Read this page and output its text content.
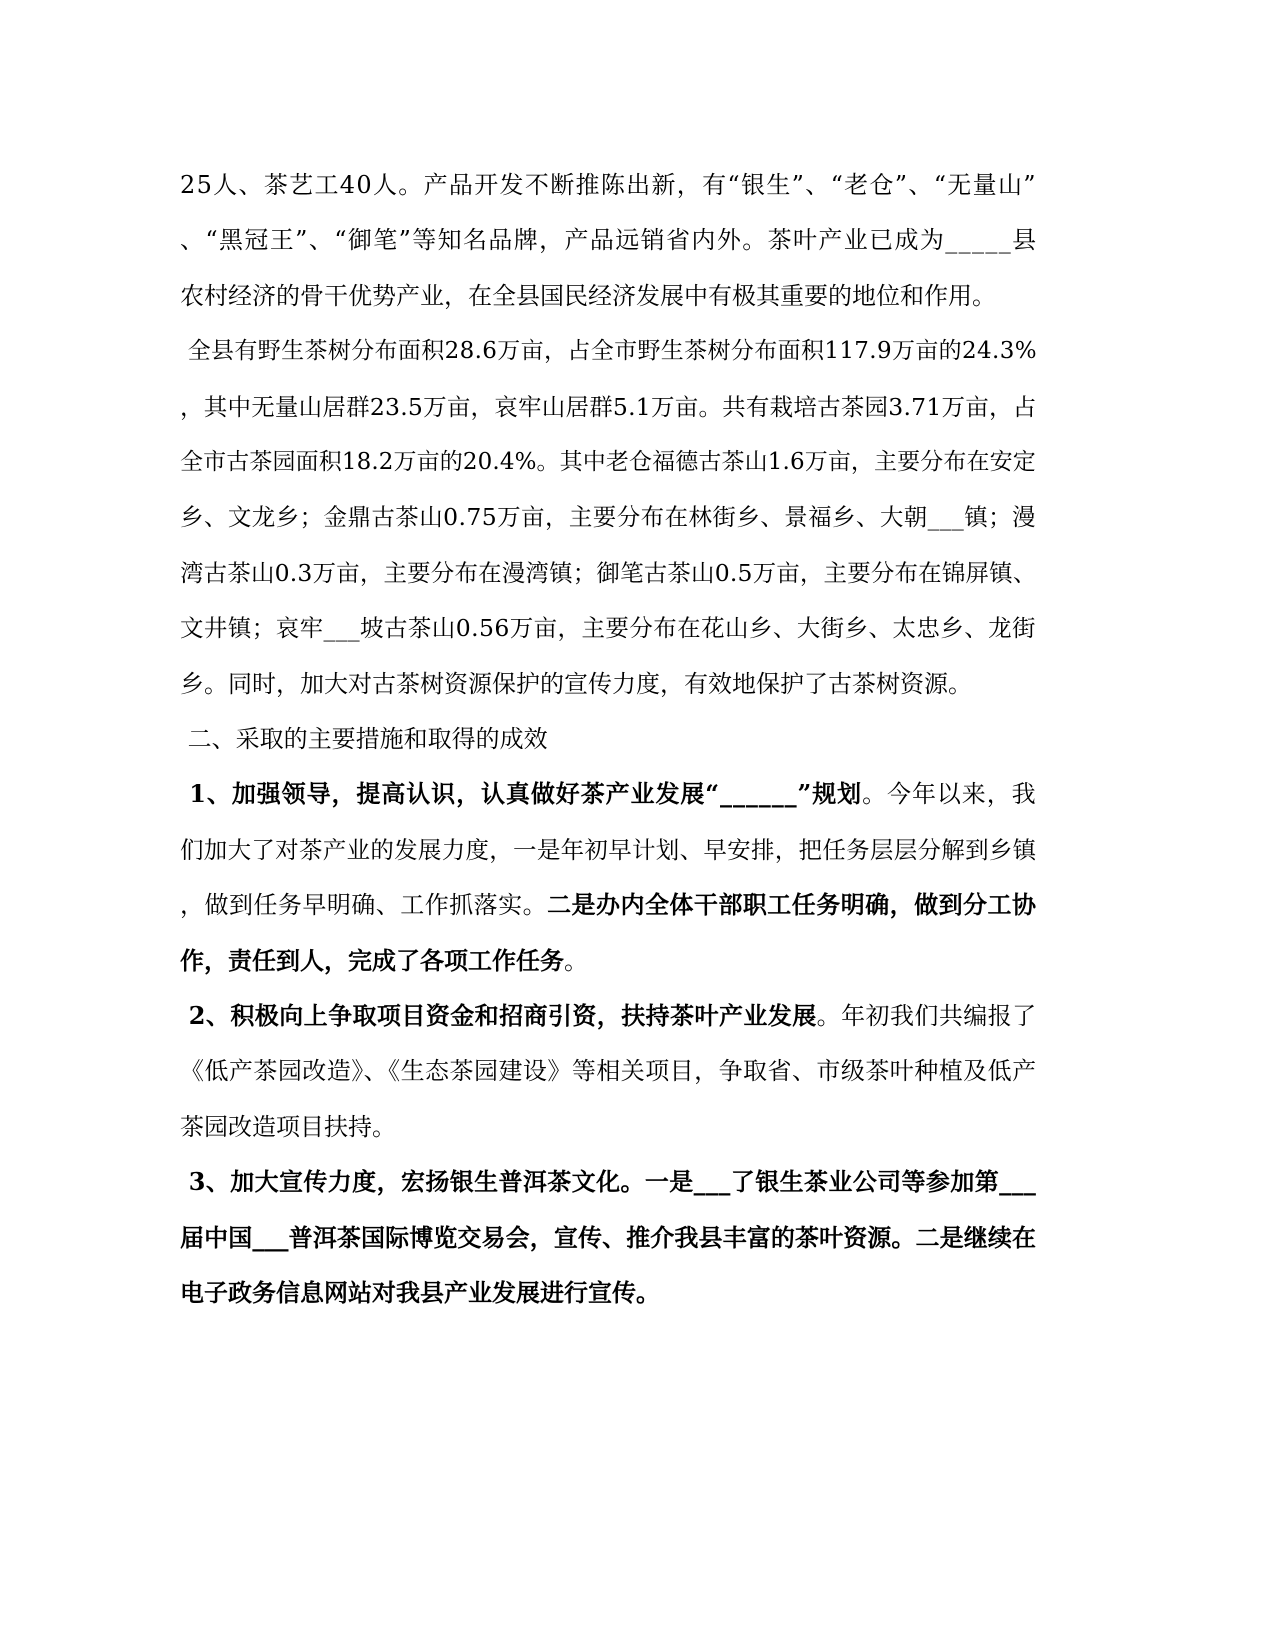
25人、茶艺工40人。产品开发不断推陈出新，有“银生”、“老仓”、“无量山”
、“黑冠王”、“御笔”等知名品牌，产品远销省内外。茶叶产业已成为_____县
农村经济的骨干优势产业，在全县国民经济发展中有极其重要的地位和作用。
全县有野生茶树分布面积28.6万亩，占全市野生茶树分布面积117.9万亩的24.3%
，其中无量山居群23.5万亩，哀牢山居群5.1万亩。共有栽培古茶园3.71万亩，占
全市古茶园面积18.2万亩的20.4%。其中老仓福德古茶山1.6万亩，主要分布在安定
乡、文龙乡；金鼎古茶山0.75万亩，主要分布在林街乡、景福乡、大朝___镇；漫
湾古茶山0.3万亩，主要分布在漫湾镇；御笔古茶山0.5万亩，主要分布在锦屏镇、
文井镇；哀牢___坡古茶山0.56万亩，主要分布在花山乡、大街乡、太忠乡、龙街
乡。同时，加大对古茶树资源保护的宣传力度，有效地保护了古茶树资源。
二、采取的主要措施和取得的成效
1、加强领导，提高认识，认真做好茶产业发展“______”规划。今年以来，我
们加大了对茶产业的发展力度，一是年初早计划、早安排，把任务层层分解到乡镇
，做到任务早明确、工作抓落实。二是办内全体干部职工任务明确，做到分工协
作，责任到人，完成了各项工作任务。
2、积极向上争取项目资金和招商引资，扶持茶叶产业发展。年初我们共编报了
《低产茶园改造》、《生态茶园建设》等相关项目，争取省、市级茶叶种植及低产
茶园改造项目扶持。
3、加大宣传力度，宏扬银生普洱茶文化。一是___了银生茶业公司等参加第___
届中国___普洱茶国际博览交易会，宣传、推介我县丰富的茶叶资源。二是继续在
电子政务信息网站对我县产业发展进行宣传。
